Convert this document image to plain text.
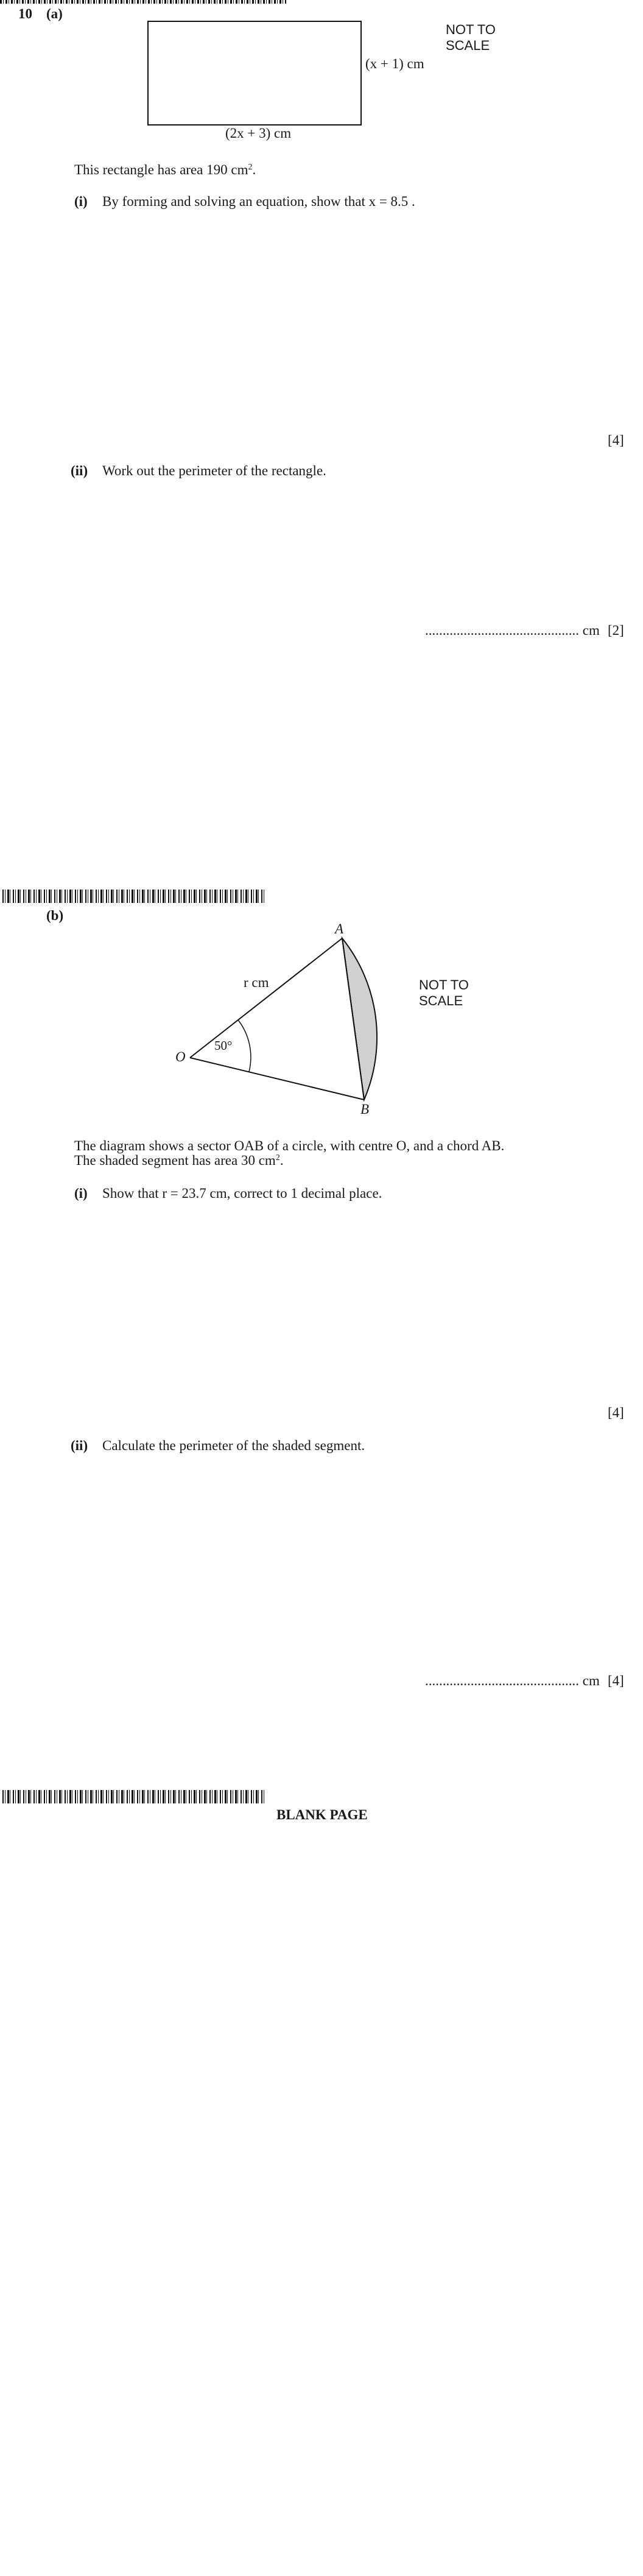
10 (a)
(x + 1) cm
(2x + 3) cm
NOT TO
SCALE
This rectangle has area 190 $cm^2$.
(i) By forming and solving an equation, show that x = 8.5 .
[4]
(ii) Work out the perimeter of the rectangle.
............................................ cm [2]
(b)
A
B
O
r cm
50°
NOT TO
SCALE
The diagram shows a sector OAB of a circle, with centre O, and a chord AB.
The shaded segment has area 30 $cm^2$.
(i) Show that r = 23.7 cm, correct to 1 decimal place.
[4]
(ii) Calculate the perimeter of the shaded segment.
............................................ cm [4]
BLANK PAGE
